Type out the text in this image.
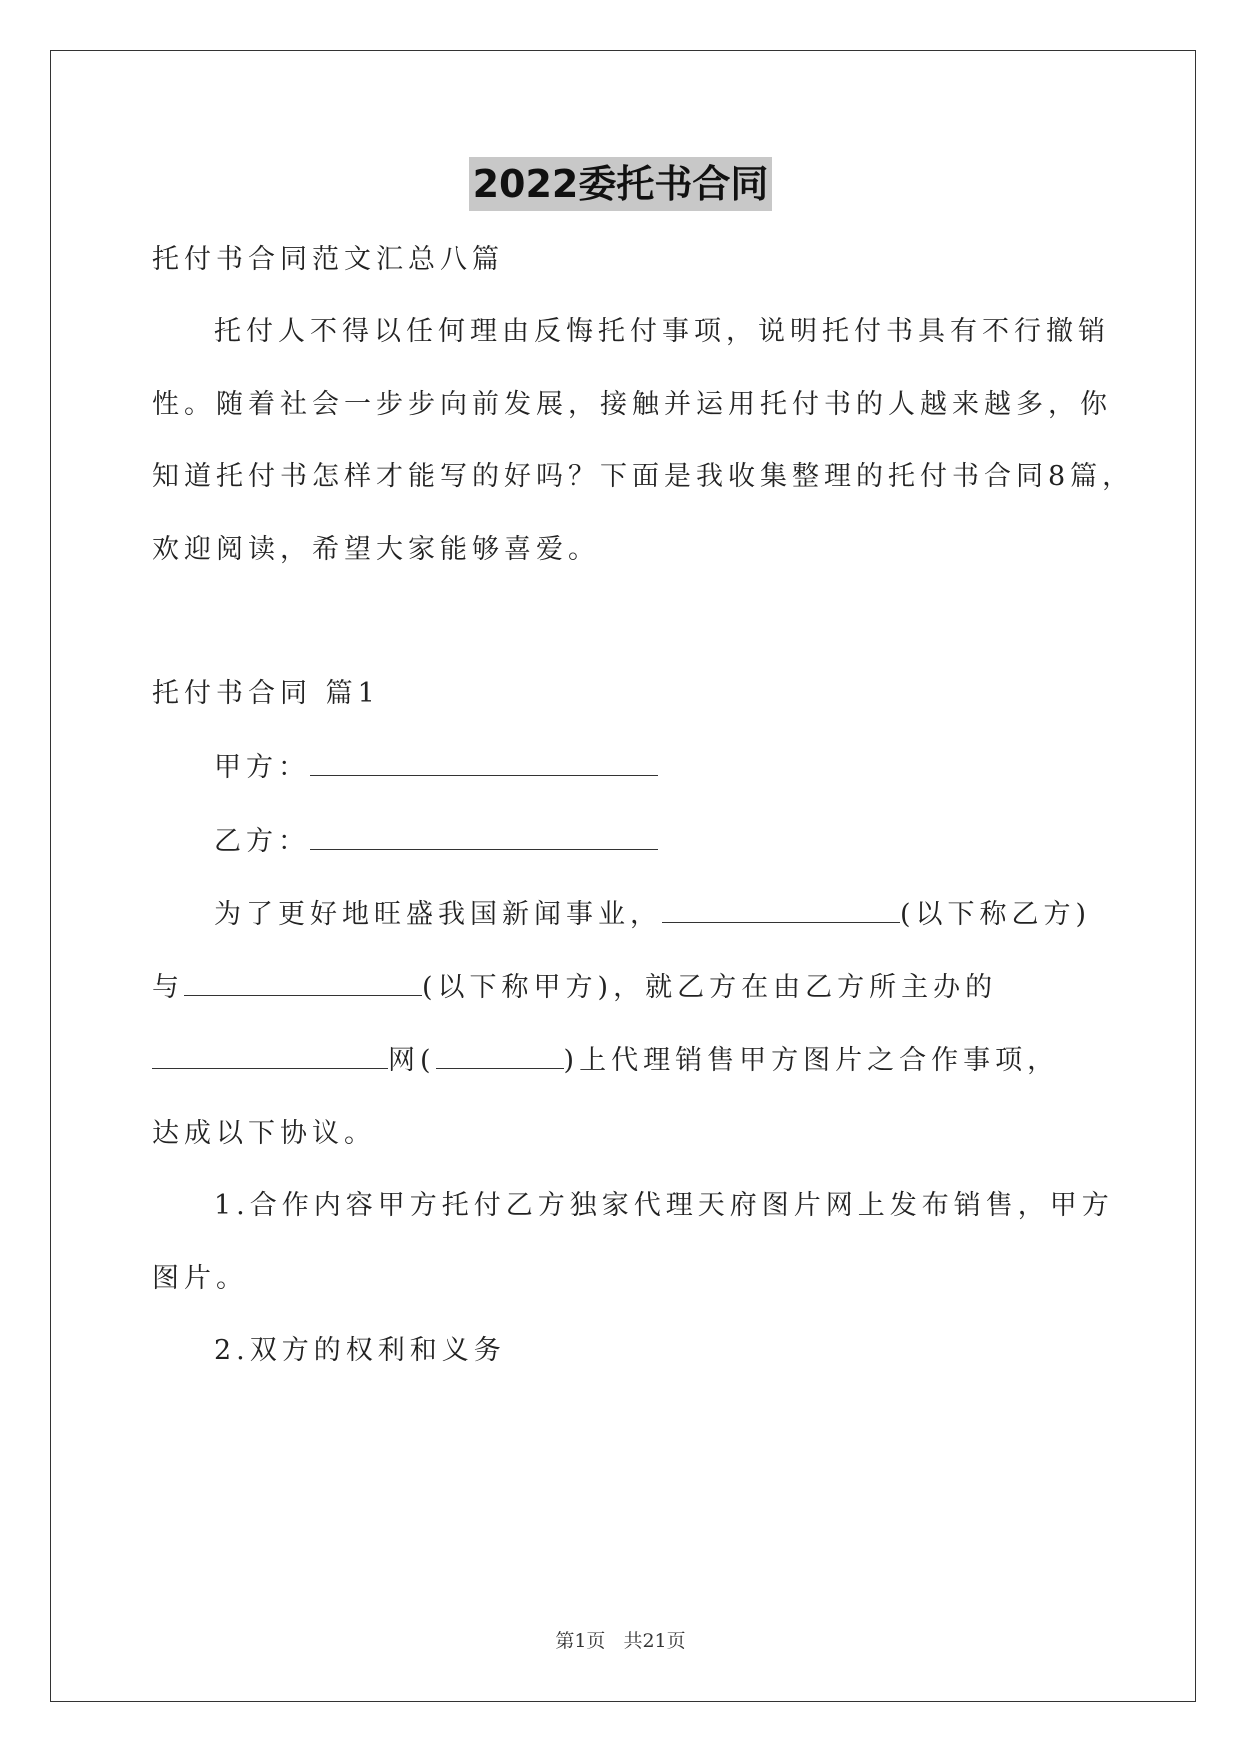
2022委托书合同
托付书合同范文汇总八篇
托付人不得以任何理由反悔托付事项，说明托付书具有不行撤销
性。随着社会一步步向前发展，接触并运用托付书的人越来越多，你
知道托付书怎样才能写的好吗？下面是我收集整理的托付书合同8篇，
欢迎阅读，希望大家能够喜爱。
托付书合同 篇1
甲方：
乙方：
为了更好地旺盛我国新闻事业，	(以下称乙方)
与	(以下称甲方)，就乙方在由乙方所主办的
网(	)上代理销售甲方图片之合作事项，
达成以下协议。
1.合作内容甲方托付乙方独家代理天府图片网上发布销售，甲方
图片。
2.双方的权利和义务
第1页 共21页
